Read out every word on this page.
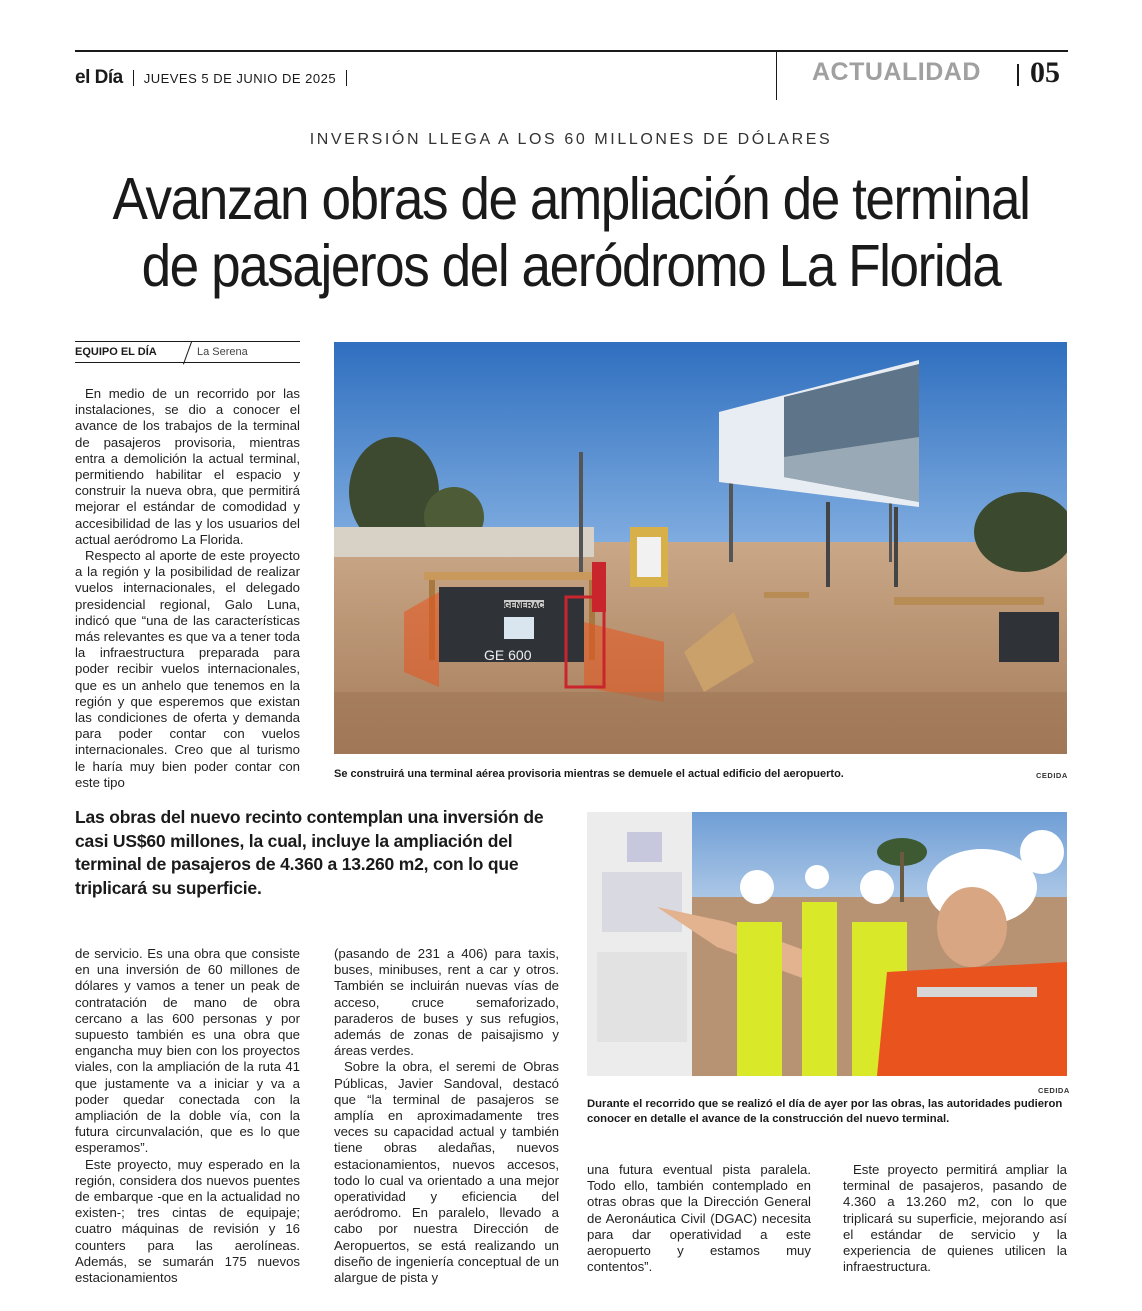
el Día JUEVES 5 DE JUNIO DE 2025	ACTUALIDAD 05
INVERSIÓN LLEGA A LOS 60 MILLONES DE DÓLARES
Avanzan obras de ampliación de terminal
de pasajeros del aeródromo La Florida
EQUIPO EL DÍA	La Serena

En medio de un recorrido por las instalaciones, se dio a conocer el avance de los trabajos de la terminal de pasajeros provisoria, mientras entra a demolición la actual terminal, permitiendo habilitar el espacio y construir la nueva obra, que permitirá mejorar el estándar de comodidad y accesibilidad de las y los usuarios del actual aeródromo La Florida.

Respecto al aporte de este proyecto a la región y la posibilidad de realizar vuelos internacionales, el delegado presidencial regional, Galo Luna, indicó que “una de las características más relevantes es que va a tener toda la infraestructura preparada para poder recibir vuelos internacionales, que es un anhelo que tenemos en la región y que esperemos que existan las condiciones de oferta y demanda para poder contar con vuelos internacionales. Creo que al turismo le haría muy bien poder contar con este tipo

GENERAC
GE 600
Se construirá una terminal aérea provisoria mientras se demuele el actual edificio del aeropuerto.	CEDIDA
Las obras del nuevo recinto contemplan una inversión de casi US$60 millones, la cual, incluye la ampliación del terminal de pasajeros de 4.360 a 13.260 m2, con lo que triplicará su superficie.

de servicio. Es una obra que consiste en una inversión de 60 millones de dólares y vamos a tener un peak de contratación de mano de obra cercano a las 600 personas y por supuesto también es una obra que engancha muy bien con los proyectos viales, con la ampliación de la ruta 41 que justamente va a iniciar y va a poder quedar conectada con la ampliación de la doble vía, con la futura circunvalación, que es lo que esperamos”.

Este proyecto, muy esperado en la región, considera dos nuevos puentes de embarque -que en la actualidad no existen-; tres cintas de equipaje; cuatro máquinas de revisión y 16 counters para las aerolíneas. Además, se sumarán 175 nuevos estacionamientos

(pasando de 231 a 406) para taxis, buses, minibuses, rent a car y otros. También se incluirán nuevas vías de acceso, cruce semaforizado, paraderos de buses y sus refugios, además de zonas de paisajismo y áreas verdes.

Sobre la obra, el seremi de Obras Públicas, Javier Sandoval, destacó que “la terminal de pasajeros se amplía en aproximadamente tres veces su capacidad actual y también tiene obras aledañas, nuevos estacionamientos, nuevos accesos, todo lo cual va orientado a una mejor operatividad y eficiencia del aeródromo. En paralelo, llevado a cabo por nuestra Dirección de Aeropuertos, se está realizando un diseño de ingeniería conceptual de un alargue de pista y

CEDIDA
Durante el recorrido que se realizó el día de ayer por las obras, las autoridades pudieron conocer en detalle el avance de la construcción del nuevo terminal.

una futura eventual pista paralela. Todo ello, también contemplado en otras obras que la Dirección General de Aeronáutica Civil (DGAC) necesita para dar operatividad a este aeropuerto y estamos muy contentos”.

Este proyecto permitirá ampliar la terminal de pasajeros, pasando de 4.360 a 13.260 m2, con lo que triplicará su superficie, mejorando así el estándar de servicio y la experiencia de quienes utilicen la infraestructura.
